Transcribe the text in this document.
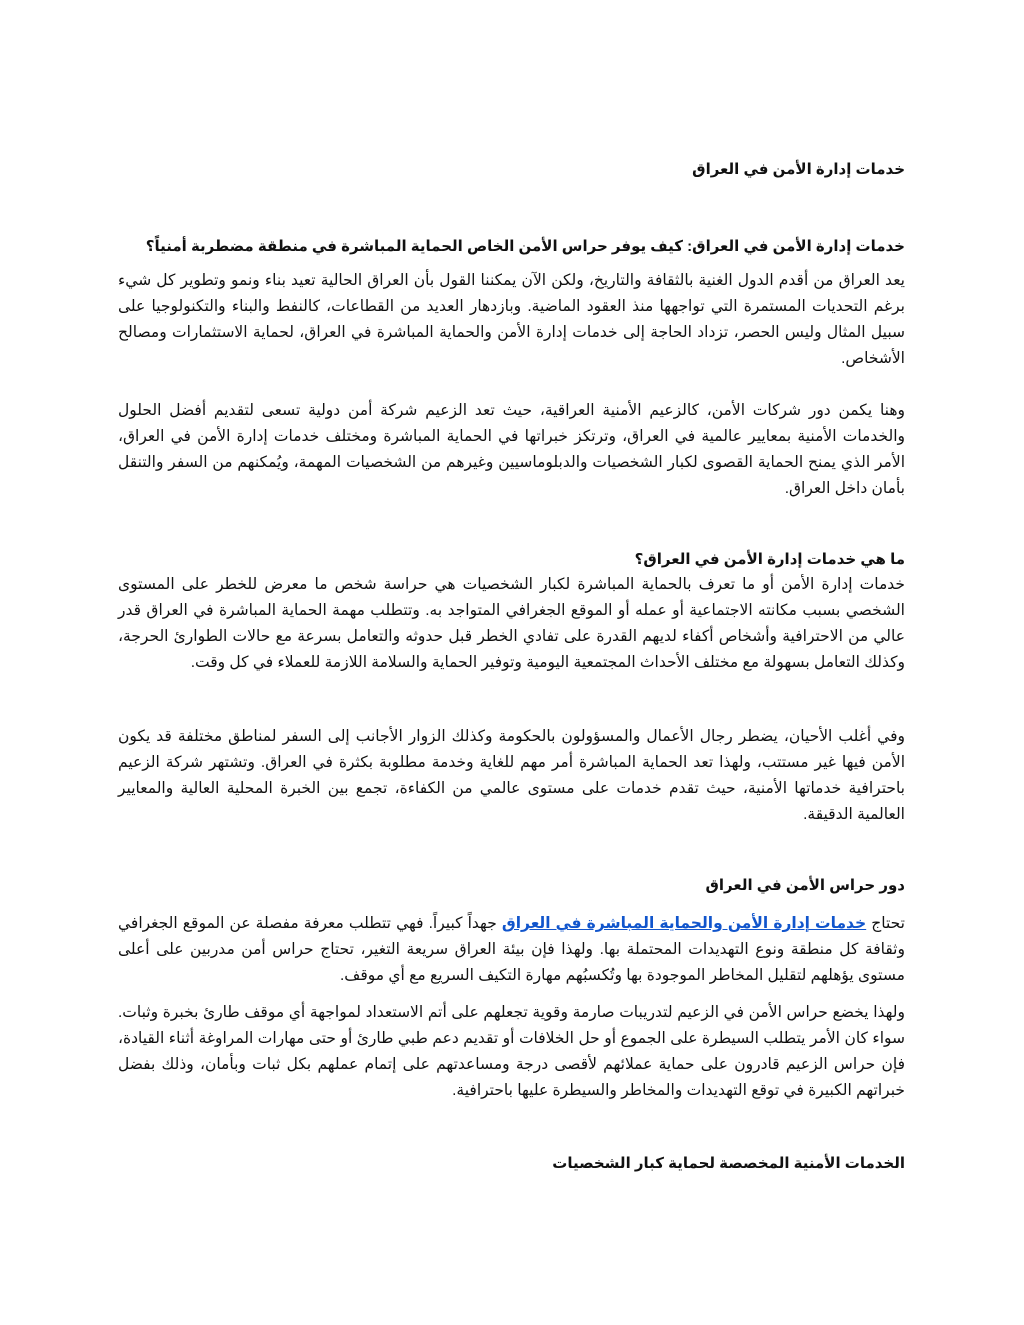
خدمات إدارة الأمن في العراق
خدمات إدارة الأمن في العراق: كيف يوفر حراس الأمن الخاص الحماية المباشرة في منطقة مضطربة أمنياً؟

يعد العراق من أقدم الدول الغنية بالثقافة والتاريخ، ولكن الآن يمكننا القول بأن العراق الحالية تعيد بناء ونمو وتطوير كل شيء برغم التحديات المستمرة التي تواجهها منذ العقود الماضية. وبازدهار العديد من القطاعات، كالنفط والبناء والتكنولوجيا على سبيل المثال وليس الحصر، تزداد الحاجة إلى خدمات إدارة الأمن والحماية المباشرة في العراق، لحماية الاستثمارات ومصالح الأشخاص.

وهنا يكمن دور شركات الأمن، كالزعيم الأمنية العراقية، حيث تعد الزعيم شركة أمن دولية تسعى لتقديم أفضل الحلول والخدمات الأمنية بمعايير عالمية في العراق، وترتكز خبراتها في الحماية المباشرة ومختلف خدمات إدارة الأمن في العراق، الأمر الذي يمنح الحماية القصوى لكبار الشخصيات والدبلوماسيين وغيرهم من الشخصيات المهمة، ويُمكنهم من السفر والتنقل بأمان داخل العراق.

ما هي خدمات إدارة الأمن في العراق؟

خدمات إدارة الأمن أو ما تعرف بالحماية المباشرة لكبار الشخصيات هي حراسة شخص ما معرض للخطر على المستوى الشخصي بسبب مكانته الاجتماعية أو عمله أو الموقع الجغرافي المتواجد به. وتتطلب مهمة الحماية المباشرة في العراق قدر عالي من الاحترافية وأشخاص أكفاء لديهم القدرة على تفادي الخطر قبل حدوثه والتعامل بسرعة مع حالات الطوارئ الحرجة، وكذلك التعامل بسهولة مع مختلف الأحداث المجتمعية اليومية وتوفير الحماية والسلامة اللازمة للعملاء في كل وقت.

وفي أغلب الأحيان، يضطر رجال الأعمال والمسؤولون بالحكومة وكذلك الزوار الأجانب إلى السفر لمناطق مختلفة قد يكون الأمن فيها غير مستتب، ولهذا تعد الحماية المباشرة أمر مهم للغاية وخدمة مطلوبة بكثرة في العراق. وتشتهر شركة الزعيم باحترافية خدماتها الأمنية، حيث تقدم خدمات على مستوى عالمي من الكفاءة، تجمع بين الخبرة المحلية العالية والمعايير العالمية الدقيقة.

دور حراس الأمن في العراق

تحتاج خدمات إدارة الأمن والحماية المباشرة في العراق جهداً كبيراً. فهي تتطلب معرفة مفصلة عن الموقع الجغرافي وثقافة كل منطقة ونوع التهديدات المحتملة بها. ولهذا فإن بيئة العراق سريعة التغير، تحتاج حراس أمن مدربين على أعلى مستوى يؤهلهم لتقليل المخاطر الموجودة بها وتُكسبُهم مهارة التكيف السريع مع أي موقف.

ولهذا يخضع حراس الأمن في الزعيم لتدريبات صارمة وقوية تجعلهم على أتم الاستعداد لمواجهة أي موقف طارئ بخبرة وثبات. سواء كان الأمر يتطلب السيطرة على الجموع أو حل الخلافات أو تقديم دعم طبي طارئ أو حتى مهارات المراوغة أثناء القيادة، فإن حراس الزعيم قادرون على حماية عملائهم لأقصى درجة ومساعدتهم على إتمام عملهم بكل ثبات وبأمان، وذلك بفضل خبراتهم الكبيرة في توقع التهديدات والمخاطر والسيطرة عليها باحترافية.

الخدمات الأمنية المخصصة لحماية كبار الشخصيات
